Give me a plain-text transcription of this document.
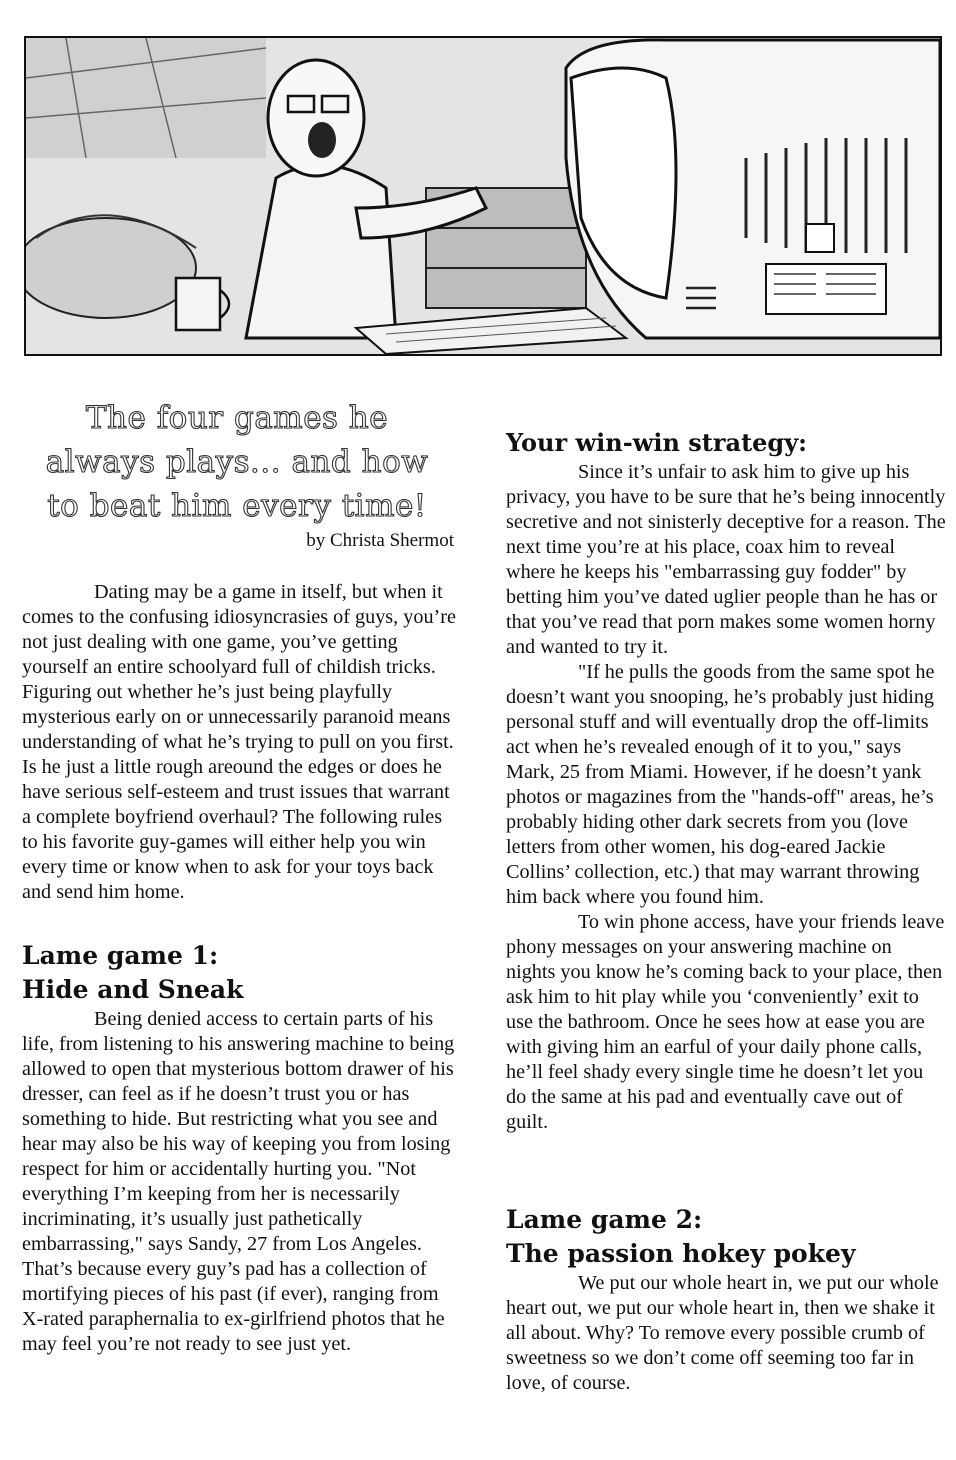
The four games he
always plays... and how
to beat him every time!
by Christa Shermot

Dating may be a game in itself, but when it comes to the confusing idiosyncrasies of guys, you’re not just dealing with one game, you’ve getting yourself an entire schoolyard full of childish tricks. Figuring out whether he’s just being playfully mysterious early on or unnecessarily paranoid means understanding of what he’s trying to pull on you first. Is he just a little rough areound the edges or does he have serious self-esteem and trust issues that warrant a complete boyfriend overhaul? The following rules to his favorite guy-games will either help you win every time or know when to ask for your toys back and send him home.

Lame game 1:
Hide and Sneak

Being denied access to certain parts of his life, from listening to his answering machine to being allowed to open that mysterious bottom drawer of his dresser, can feel as if he doesn’t trust you or has something to hide. But restricting what you see and hear may also be his way of keeping you from losing respect for him or accidentally hurting you. "Not everything I’m keeping from her is necessarily incriminating, it’s usually just pathetically embarrassing," says Sandy, 27 from Los Angeles. That’s because every guy’s pad has a collection of mortifying pieces of his past (if ever), ranging from X-rated paraphernalia to ex-girlfriend photos that he may feel you’re not ready to see just yet.

Your win-win strategy:

Since it’s unfair to ask him to give up his privacy, you have to be sure that he’s being innocently secretive and not sinisterly deceptive for a reason. The next time you’re at his place, coax him to reveal where he keeps his "embarrassing guy fodder" by betting him you’ve dated uglier people than he has or that you’ve read that porn makes some women horny and wanted to try it.

"If he pulls the goods from the same spot he doesn’t want you snooping, he’s probably just hiding personal stuff and will eventually drop the off-limits act when he’s revealed enough of it to you," says Mark, 25 from Miami. However, if he doesn’t yank photos or magazines from the "hands-off" areas, he’s probably hiding other dark secrets from you (love letters from other women, his dog-eared Jackie Collins’ collection, etc.) that may warrant throwing him back where you found him.

To win phone access, have your friends leave phony messages on your answering machine on nights you know he’s coming back to your place, then ask him to hit play while you ‘conveniently’ exit to use the bathroom. Once he sees how at ease you are with giving him an earful of your daily phone calls, he’ll feel shady every single time he doesn’t let you do the same at his pad and eventually cave out of guilt.

Lame game 2:
The passion hokey pokey

We put our whole heart in, we put our whole heart out, we put our whole heart in, then we shake it all about. Why? To remove every possible crumb of sweetness so we don’t come off seeming too far in love, of course.
